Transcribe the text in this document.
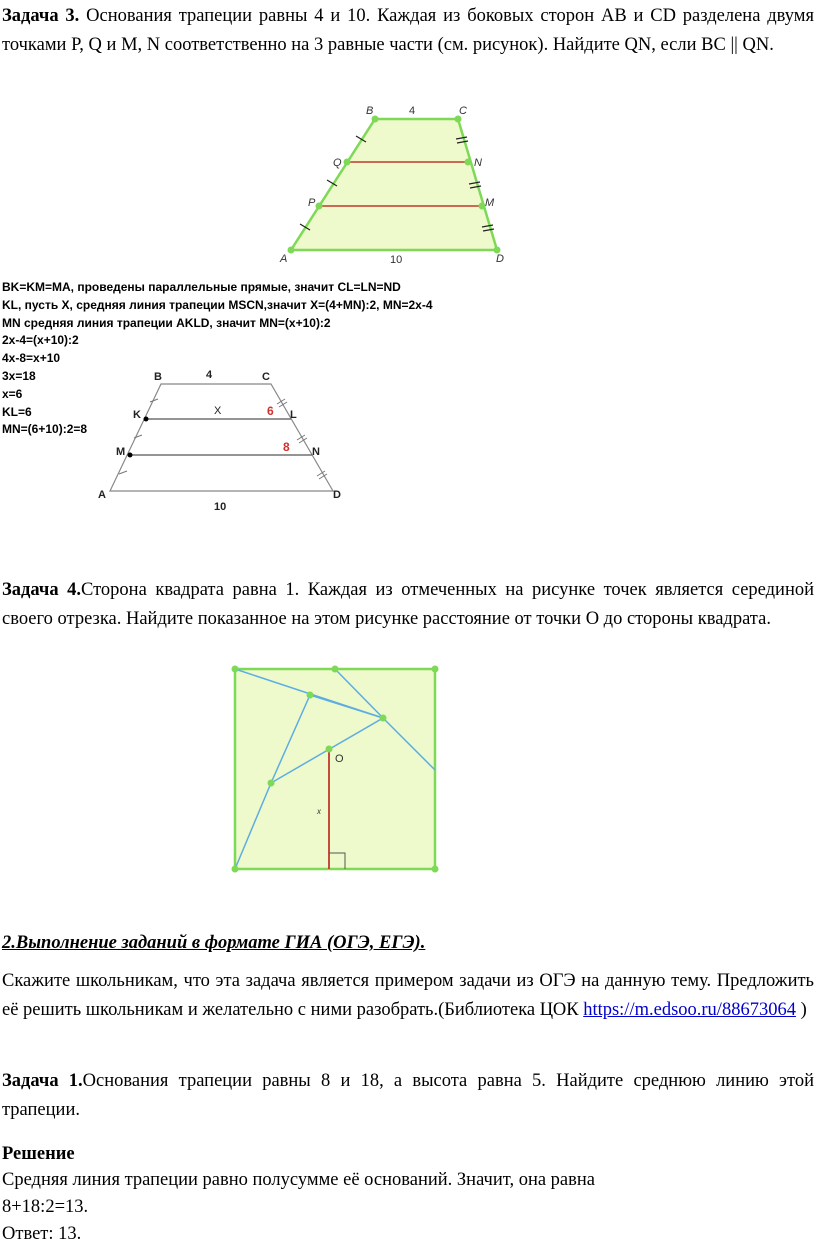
Задача 3. Основания трапеции равны 4 и 10. Каждая из боковых сторон AB и CD разделена двумя точками P, Q и M, N соответственно на 3 равные части (см. рисунок). Найдите QN, если BC || QN.

B	C
Q	N
P	M
A	D
4
10
BK=KM=MA, проведены параллельные прямые, значит CL=LN=ND
KL, пусть X, средняя линия трапеции MSCN,значит X=(4+MN):2, MN=2x-4
MN средняя линия трапеции AKLD, значит MN=(x+10):2
2x-4=(x+10):2
4x-8=x+10
3x=18
x=6
KL=6
MN=(6+10):2=8
B	C
K	L
M	N
A	D
4
10
X	6
8

Задача 4.Сторона квадрата равна 1. Каждая из отмеченных на рисунке точек является серединой своего отрезка. Найдите показанное на этом рисунке расстояние от точки O до стороны квадрата.

O
x

2.Выполнение заданий в формате ГИА (ОГЭ, ЕГЭ).

Скажите школьникам, что эта задача является примером задачи из ОГЭ на данную тему. Предложить её решить школьникам и желательно с ними разобрать.(Библиотека ЦОК https://m.edsoo.ru/88673064 )

Задача 1.Основания трапеции равны 8 и 18, а высота равна 5. Найдите среднюю линию этой трапеции.

Решение

Средняя линия трапеции равно полусумме её оснований. Значит, она равна

8+18:2=13.

Ответ: 13.
